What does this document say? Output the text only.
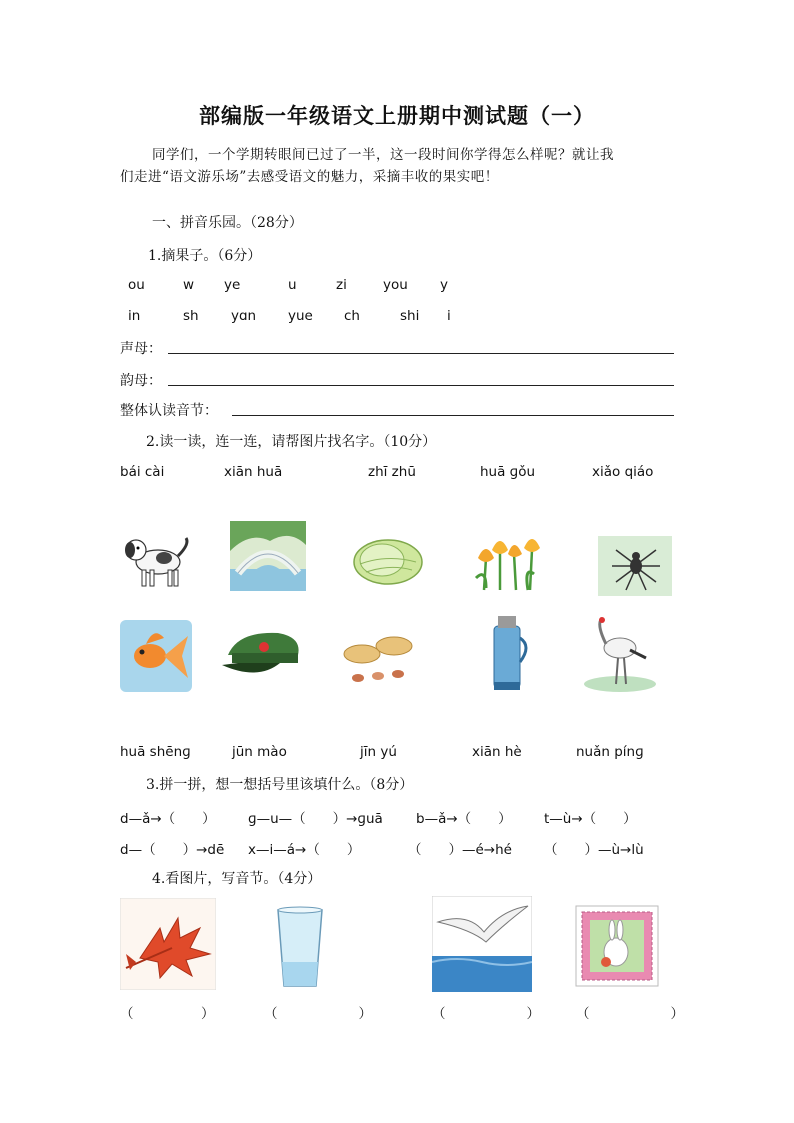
部编版一年级语文上册期中测试题（一）
同学们，一个学期转眼间已过了一半，这一段时间你学得怎么样呢？就让我
们走进“语文游乐场”去感受语文的魅力，采摘丰收的果实吧！
一、拼音乐园。（28分）
1.摘果子。（6分）
ou	w ye	u	zi	you y
in	sh yɑn yue ch	shi i
声母：
韵母：
整体认读音节：
2.读一读，连一连，请帮图片找名字。（10分）
bái cài	xiān huā	zhī zhū	huā ɡǒu	xiǎo qiáo
huā shēnɡ	jūn mào	jīn yú	xiān hè	nuǎn pínɡ
3.拼一拼，想一想括号里该填什么。（8分）
d—ǎ→（　　） ɡ—u—（　　）→ɡuā b—ǎ→（　　） t—ù→（　　）
d—（　　）→dē x—i—á→（　　）	（　　）—é→hé （　　）—ù→lù
4.看图片，写音节。（4分）
（　　　　　）	（　　　　　　）	（　　　　　　）	（　　　　　　）
